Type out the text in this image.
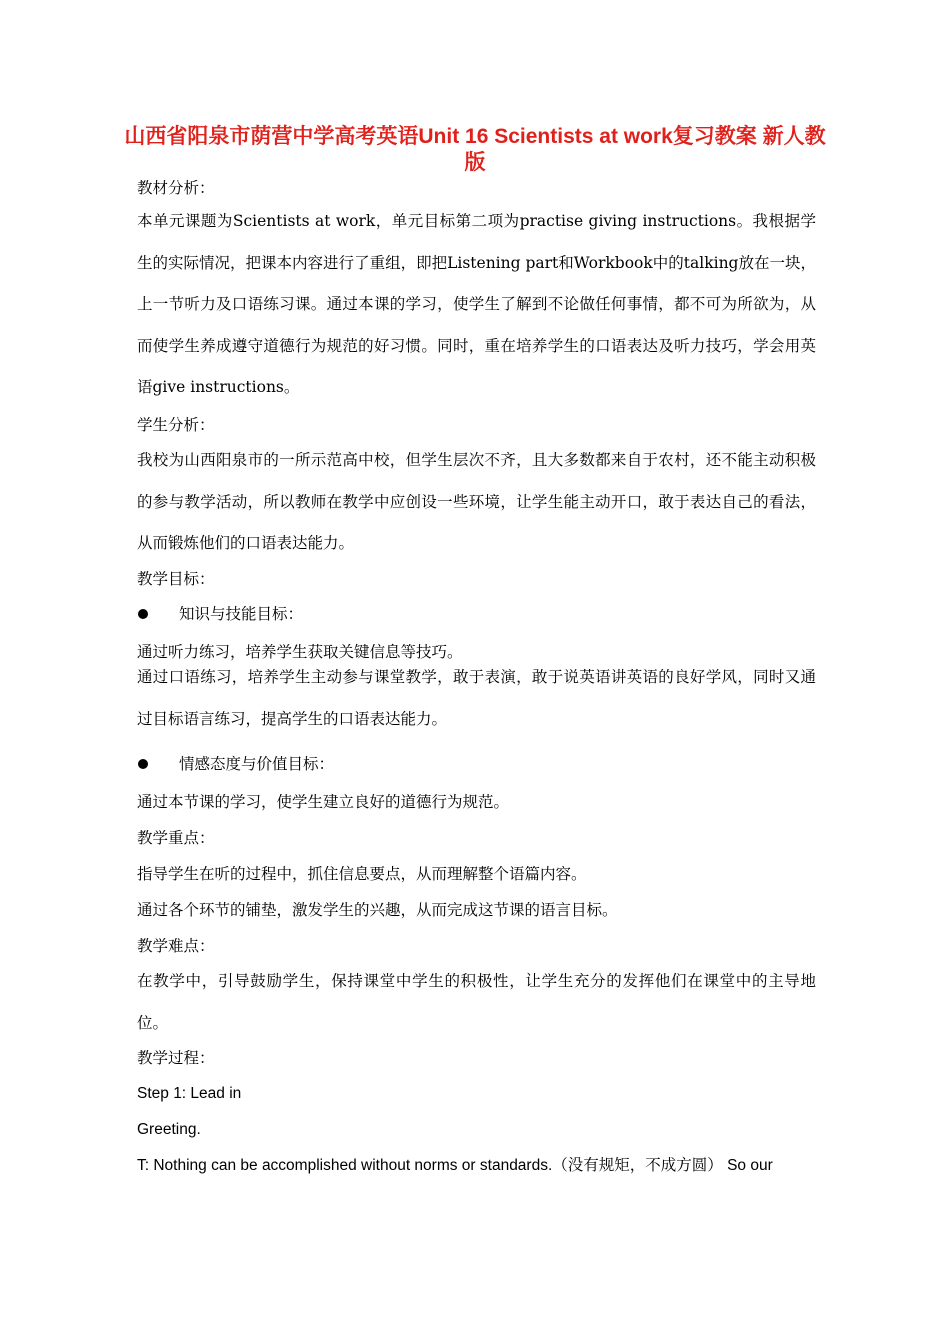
山西省阳泉市荫营中学高考英语Unit 16 Scientists at work复习教案 新人教版

教材分析：

本单元课题为Scientists at work，单元目标第二项为practise giving instructions。我根据学生的实际情况，把课本内容进行了重组，即把Listening part和Workbook中的talking放在一块，上一节听力及口语练习课。通过本课的学习，使学生了解到不论做任何事情，都不可为所欲为，从而使学生养成遵守道德行为规范的好习惯。同时，重在培养学生的口语表达及听力技巧，学会用英语give instructions。

学生分析：

我校为山西阳泉市的一所示范高中校，但学生层次不齐，且大多数都来自于农村，还不能主动积极的参与教学活动，所以教师在教学中应创设一些环境，让学生能主动开口，敢于表达自己的看法，从而锻炼他们的口语表达能力。

教学目标：

知识与技能目标：

通过听力练习，培养学生获取关键信息等技巧。

通过口语练习，培养学生主动参与课堂教学，敢于表演，敢于说英语讲英语的良好学风，同时又通过目标语言练习，提高学生的口语表达能力。

情感态度与价值目标：

通过本节课的学习，使学生建立良好的道德行为规范。

教学重点：

指导学生在听的过程中，抓住信息要点，从而理解整个语篇内容。

通过各个环节的铺垫，激发学生的兴趣，从而完成这节课的语言目标。

教学难点：

在教学中，引导鼓励学生，保持课堂中学生的积极性，让学生充分的发挥他们在课堂中的主导地位。

教学过程：

Step 1: Lead in

Greeting.

T: Nothing can be accomplished without norms or standards.（没有规矩，不成方圆） So our
